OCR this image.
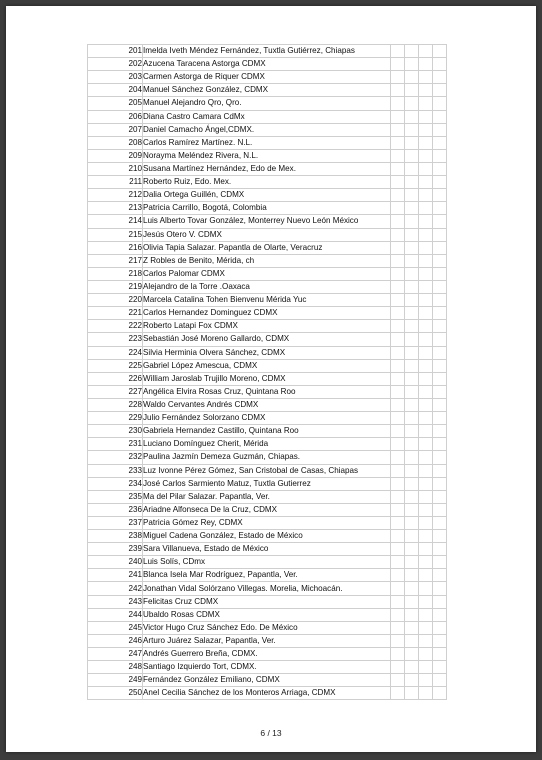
201	Imelda Iveth Méndez Fernández, Tuxtla Gutiérrez, Chiapas				
202	Azucena Taracena Astorga CDMX				
203	Carmen Astorga de Riquer CDMX				
204	Manuel Sánchez González, CDMX				
205	Manuel Alejandro Qro, Qro.				
206	Diana Castro Camara CdMx				
207	Daniel Camacho Ángel,CDMX.				
208	Carlos Ramírez Martínez. N.L.				
209	Norayma Meléndez Rivera, N.L.				
210	Susana Martínez Hernández, Edo de Mex.				
211	Roberto Ruiz, Edo. Mex.				
212	Dalia Ortega Guillén, CDMX				
213	Patricia Carrillo, Bogotá, Colombia				
214	Luis Alberto Tovar González, Monterrey Nuevo León México				
215	Jesús Otero V. CDMX				
216	Olivia Tapia Salazar. Papantla de Olarte, Veracruz				
217	Z Robles de Benito, Mérida, ch				
218	Carlos Palomar CDMX				
219	Alejandro de la Torre .Oaxaca				
220	Marcela Catalina Tohen Bienvenu Mérida Yuc				
221	Carlos Hernandez Dominguez CDMX				
222	Roberto Latapi Fox CDMX				
223	Sebastián José Moreno Gallardo, CDMX				
224	Silvia Herminia Olvera Sánchez, CDMX				
225	Gabriel López Amescua, CDMX				
226	William Jaroslab Trujillo Moreno, CDMX				
227	Angélica Elvira Rosas Cruz, Quintana Roo				
228	Waldo Cervantes Andrés CDMX				
229	Julio Fernández Solorzano CDMX				
230	Gabriela Hernandez Castillo, Quintana Roo				
231	Luciano Domínguez Cherit, Mérida				
232	Paulina Jazmín Demeza Guzmán, Chiapas.				
233	Luz Ivonne Pérez Gómez, San Cristobal de Casas, Chiapas				
234	José Carlos Sarmiento Matuz, Tuxtla Gutierrez				
235	Ma del Pilar Salazar. Papantla, Ver.				
236	Ariadne Alfonseca De la Cruz, CDMX				
237	Patricia Gómez Rey, CDMX				
238	Miguel Cadena González, Estado de México				
239	Sara Villanueva, Estado de México				
240	Luis Solís, CDmx				
241	Blanca Isela Mar Rodríguez, Papantla, Ver.				
242	Jonathan Vidal Solórzano Villegas. Morelia, Michoacán.				
243	Felicitas Cruz CDMX				
244	Ubaldo Rosas CDMX				
245	Victor Hugo Cruz Sánchez Edo. De México				
246	Arturo Juárez Salazar, Papantla, Ver.				
247	Andrés Guerrero Breña, CDMX.				
248	Santiago Izquierdo Tort, CDMX.				
249	Fernández González Emiliano, CDMX				
250	Anel Cecilia Sánchez de los Monteros Arriaga, CDMX				
6 / 13
